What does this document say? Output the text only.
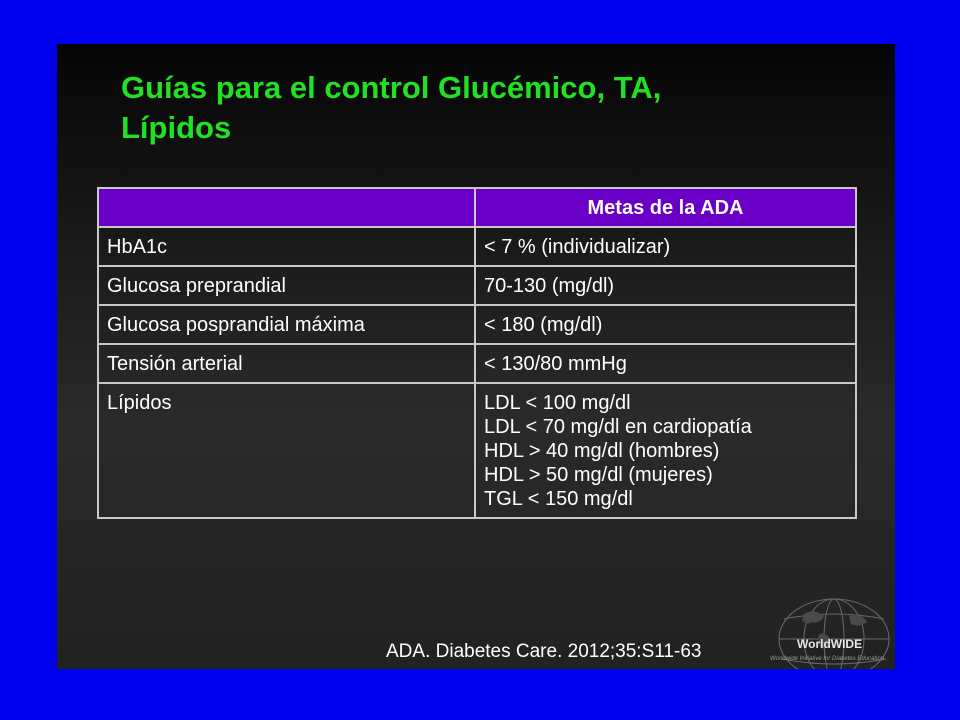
Guías para el control Glucémico, TA,
Lípidos
	Metas de la ADA
HbA1c	< 7 % (individualizar)
Glucosa preprandial	70-130 (mg/dl)
Glucosa posprandial máxima	< 180 (mg/dl)
Tensión arterial	< 130/80 mmHg
Lípidos	LDL < 100 mg/dl
LDL < 70 mg/dl en cardiopatía
HDL > 40 mg/dl (hombres)
HDL > 50 mg/dl (mujeres)
TGL < 150 mg/dl
WorldWIDE
Worldwide Initiative for Diabetes Education
ADA. Diabetes Care. 2012;35:S11-63
